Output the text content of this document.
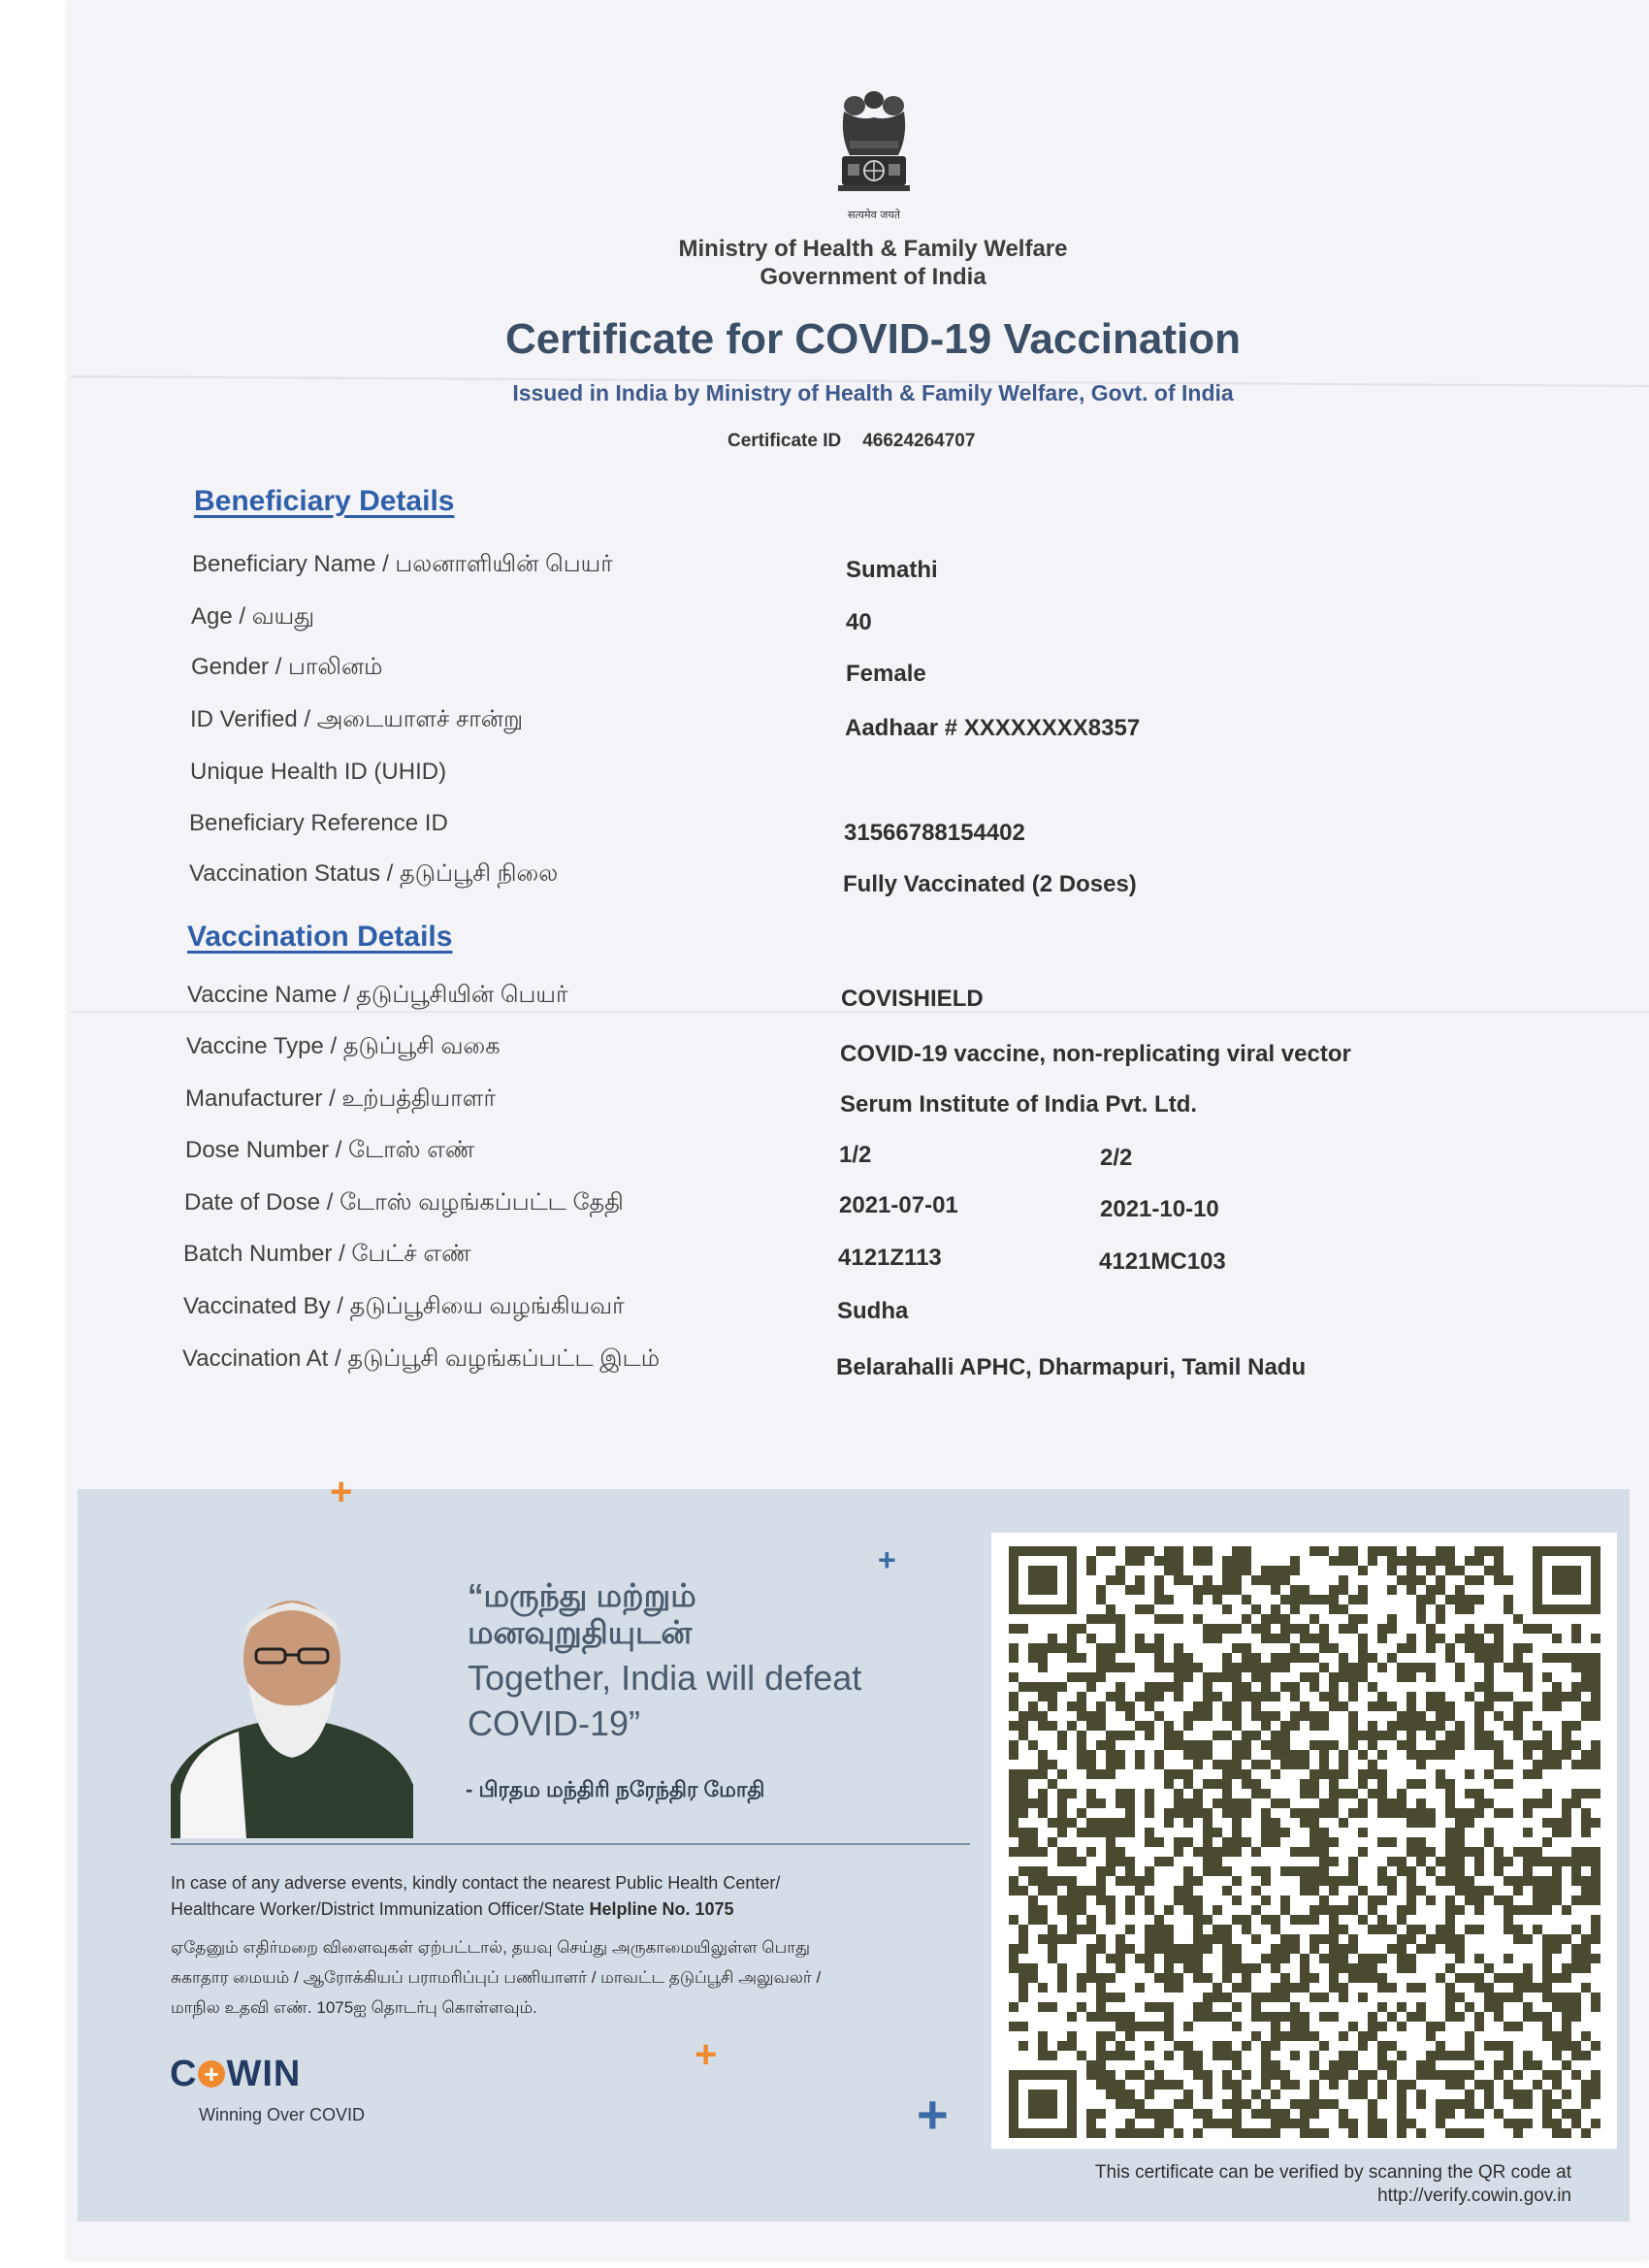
सत्यमेव जयते
Ministry of Health & Family Welfare
Government of India
Certificate for COVID-19 Vaccination
Issued in India by Ministry of Health & Family Welfare, Govt. of India
Certificate ID 46624264707
Beneficiary Details
Beneficiary Name / பலனாளியின் பெயர்	Sumathi
Age / வயது	40
Gender / பாலினம்	Female
ID Verified / அடையாளச் சான்று	Aadhaar # XXXXXXXX8357
Unique Health ID (UHID)
Beneficiary Reference ID	31566788154402
Vaccination Status / தடுப்பூசி நிலை	Fully Vaccinated (2 Doses)
Vaccination Details
Vaccine Name / தடுப்பூசியின் பெயர்	COVISHIELD
Vaccine Type / தடுப்பூசி வகை	COVID-19 vaccine, non-replicating viral vector
Manufacturer / உற்பத்தியாளர்	Serum Institute of India Pvt. Ltd.
Dose Number / டோஸ் எண்	1/2	2/2
Date of Dose / டோஸ் வழங்கப்பட்ட தேதி	2021-07-01	2021-10-10
Batch Number / பேட்ச் எண்	4121Z113	4121MC103
Vaccinated By / தடுப்பூசியை வழங்கியவர்	Sudha
Vaccination At / தடுப்பூசி வழங்கப்பட்ட இடம்	Belarahalli APHC, Dharmapuri, Tamil Nadu
+
+
+
+
“மருந்து மற்றும்
மனவுறுதியுடன்
Together, India will defeat
COVID-19”
- பிரதம மந்திரி நரேந்திர மோதி
In case of any adverse events, kindly contact the nearest Public Health Center/
Healthcare Worker/District Immunization Officer/State Helpline No. 1075
ஏதேனும் எதிர்மறை விளைவுகள் ஏற்பட்டால், தயவு செய்து அருகாமையிலுள்ள பொது
சுகாதார மையம் / ஆரோக்கியப் பராமரிப்புப் பணியாளர் / மாவட்ட தடுப்பூசி அலுவலர் /
மாநில உதவி எண். 1075ஐ தொடர்பு கொள்ளவும்.
C + WIN
Winning Over COVID
This certificate can be verified by scanning the QR code at
http://verify.cowin.gov.in
